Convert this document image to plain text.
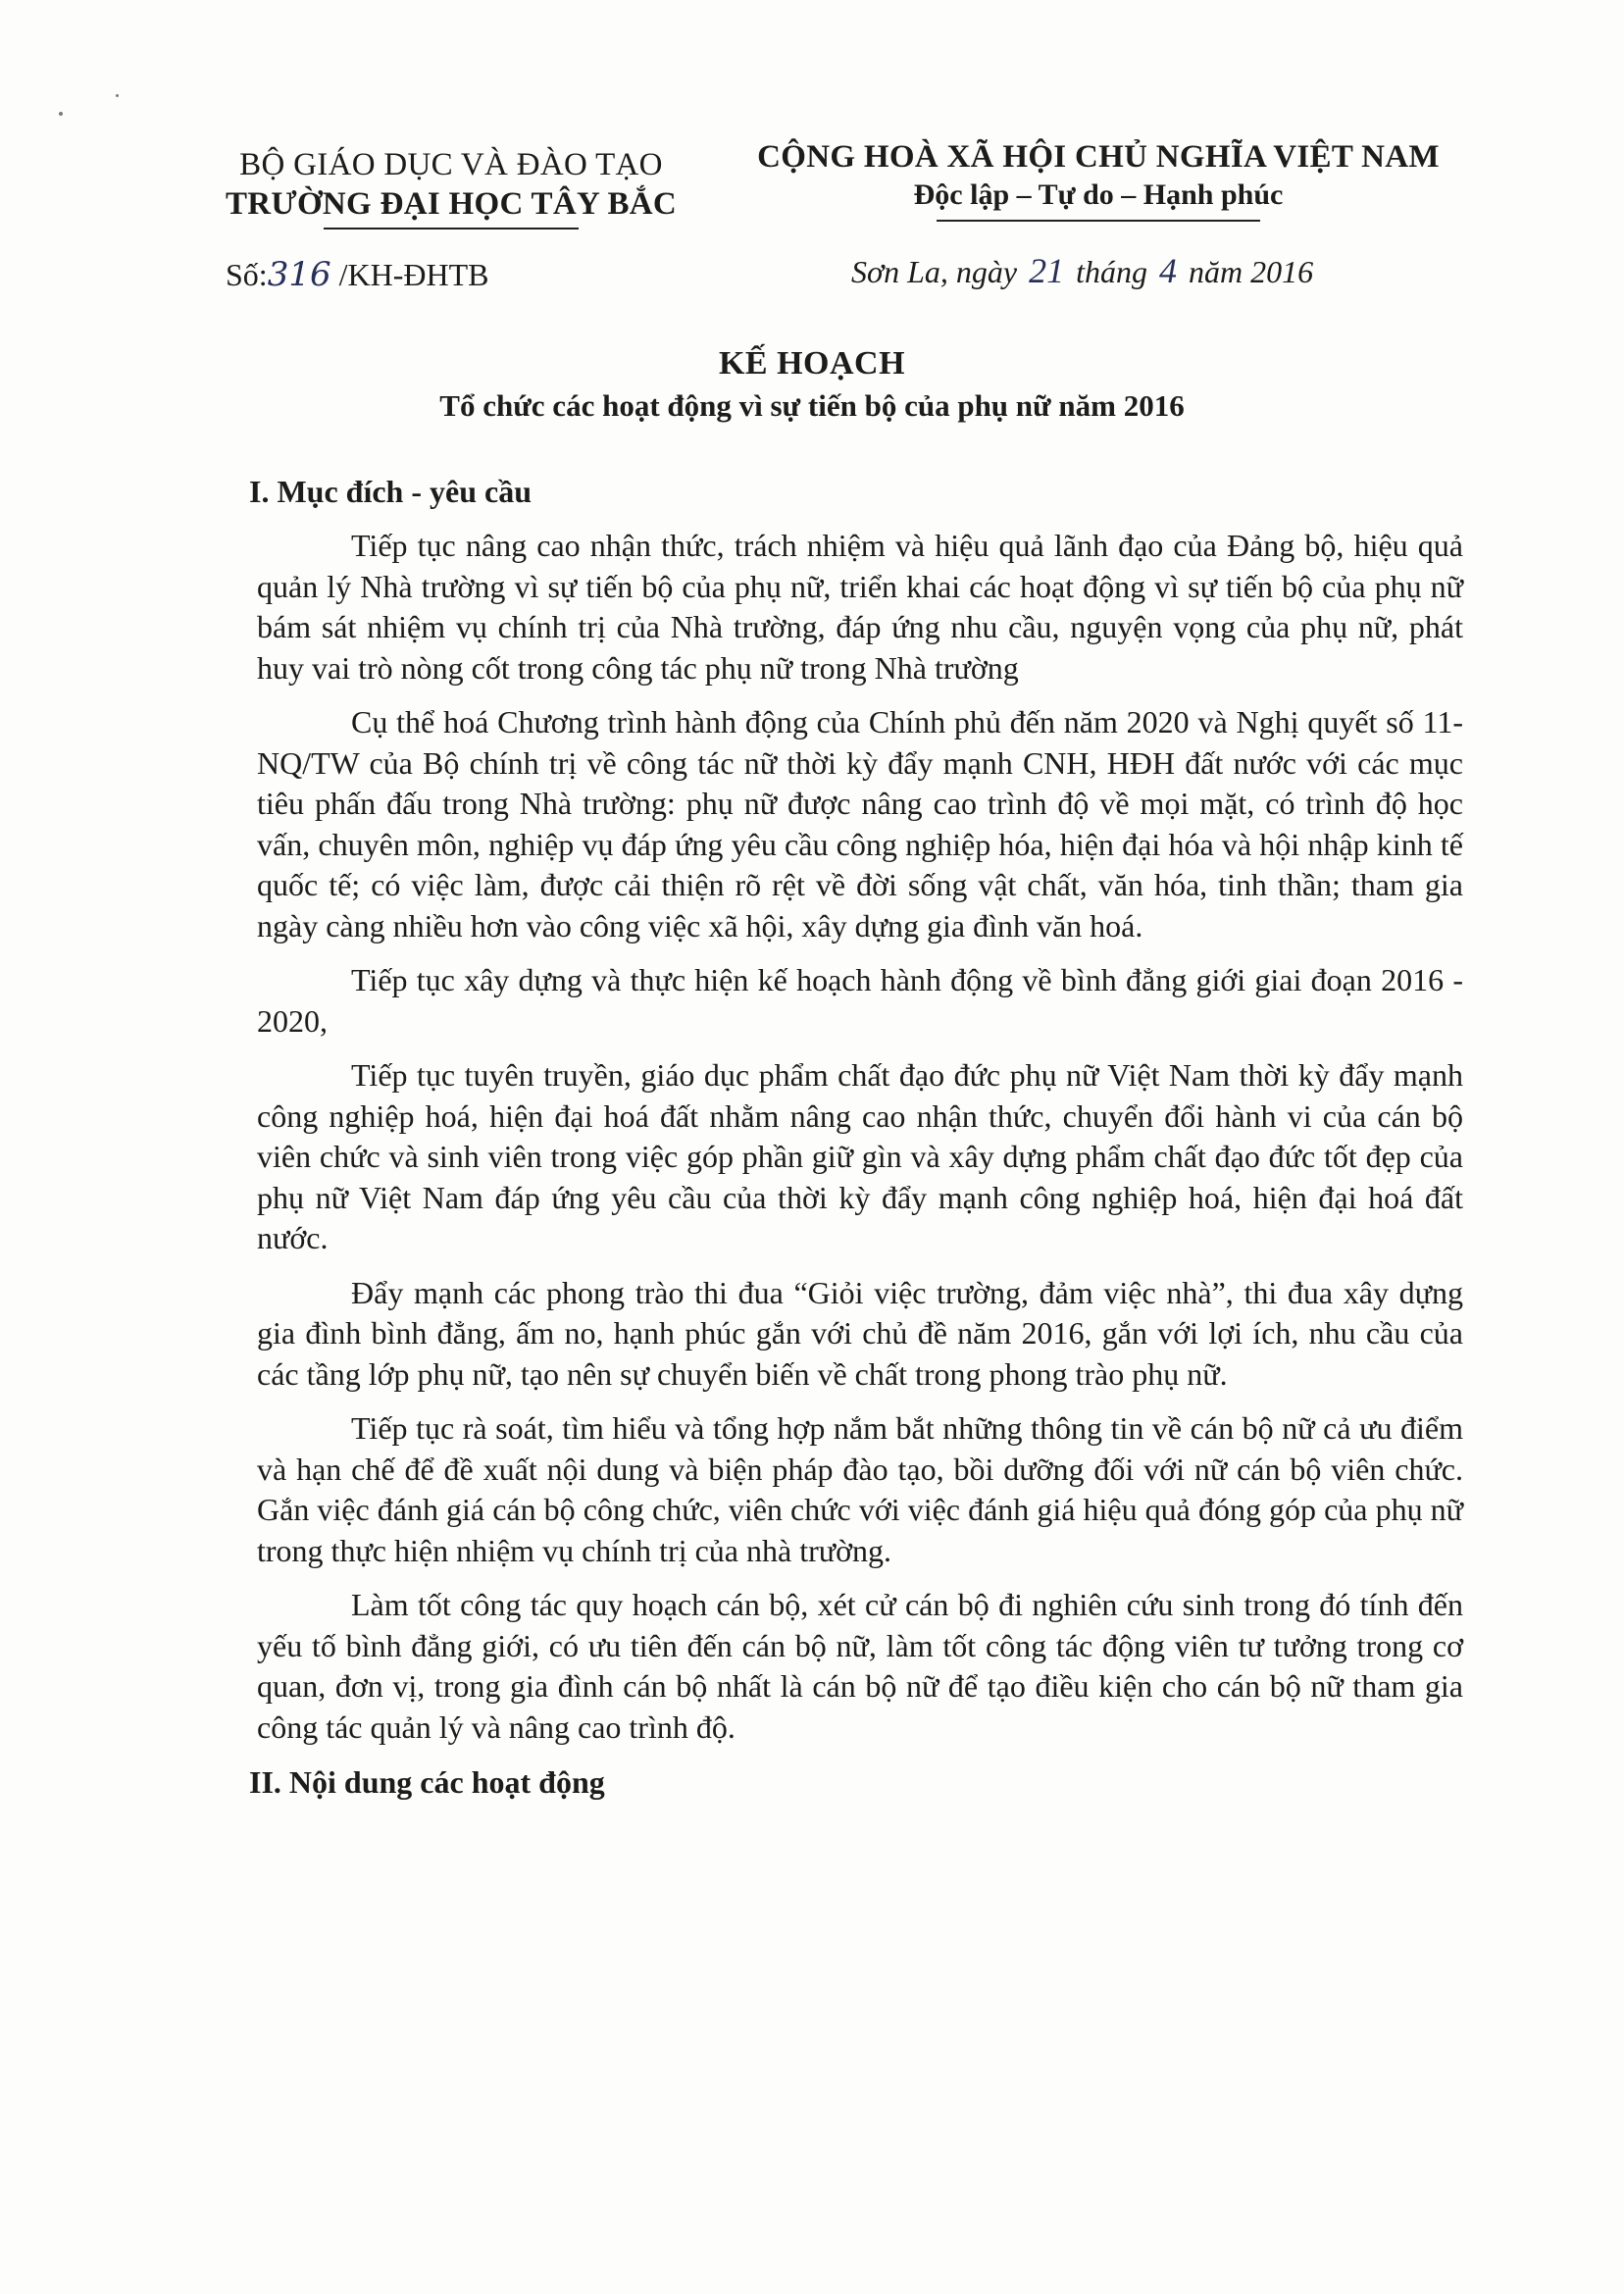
BỘ GIÁO DỤC VÀ ĐÀO TẠO
TRƯỜNG ĐẠI HỌC TÂY BẮC
CỘNG HOÀ XÃ HỘI CHỦ NGHĨA VIỆT NAM
Độc lập – Tự do – Hạnh phúc
Số:316 /KH-ĐHTB	Sơn La, ngày 21 tháng 4 năm 2016
KẾ HOẠCH
Tổ chức các hoạt động vì sự tiến bộ của phụ nữ năm 2016
I. Mục đích - yêu cầu

Tiếp tục nâng cao nhận thức, trách nhiệm và hiệu quả lãnh đạo của Đảng bộ, hiệu quả quản lý Nhà trường vì sự tiến bộ của phụ nữ, triển khai các hoạt động vì sự tiến bộ của phụ nữ bám sát nhiệm vụ chính trị của Nhà trường, đáp ứng nhu cầu, nguyện vọng của phụ nữ, phát huy vai trò nòng cốt trong công tác phụ nữ trong Nhà trường

Cụ thể hoá Chương trình hành động của Chính phủ đến năm 2020 và Nghị quyết số 11-NQ/TW của Bộ chính trị về công tác nữ thời kỳ đẩy mạnh CNH, HĐH đất nước với các mục tiêu phấn đấu trong Nhà trường: phụ nữ được nâng cao trình độ về mọi mặt, có trình độ học vấn, chuyên môn, nghiệp vụ đáp ứng yêu cầu công nghiệp hóa, hiện đại hóa và hội nhập kinh tế quốc tế; có việc làm, được cải thiện rõ rệt về đời sống vật chất, văn hóa, tinh thần; tham gia ngày càng nhiều hơn vào công việc xã hội, xây dựng gia đình văn hoá.

Tiếp tục xây dựng và thực hiện kế hoạch hành động về bình đẳng giới giai đoạn 2016 - 2020,

Tiếp tục tuyên truyền, giáo dục phẩm chất đạo đức phụ nữ Việt Nam thời kỳ đẩy mạnh công nghiệp hoá, hiện đại hoá đất nhằm nâng cao nhận thức, chuyển đổi hành vi của cán bộ viên chức và sinh viên trong việc góp phần giữ gìn và xây dựng phẩm chất đạo đức tốt đẹp của phụ nữ Việt Nam đáp ứng yêu cầu của thời kỳ đẩy mạnh công nghiệp hoá, hiện đại hoá đất nước.

Đẩy mạnh các phong trào thi đua “Giỏi việc trường, đảm việc nhà”, thi đua xây dựng gia đình bình đẳng, ấm no, hạnh phúc gắn với chủ đề năm 2016, gắn với lợi ích, nhu cầu của các tầng lớp phụ nữ, tạo nên sự chuyển biến về chất trong phong trào phụ nữ.

Tiếp tục rà soát, tìm hiểu và tổng hợp nắm bắt những thông tin về cán bộ nữ cả ưu điểm và hạn chế để đề xuất nội dung và biện pháp đào tạo, bồi dưỡng đối với nữ cán bộ viên chức. Gắn việc đánh giá cán bộ công chức, viên chức với việc đánh giá hiệu quả đóng góp của phụ nữ trong thực hiện nhiệm vụ chính trị của nhà trường.

Làm tốt công tác quy hoạch cán bộ, xét cử cán bộ đi nghiên cứu sinh trong đó tính đến yếu tố bình đẳng giới, có ưu tiên đến cán bộ nữ, làm tốt công tác động viên tư tưởng trong cơ quan, đơn vị, trong gia đình cán bộ nhất là cán bộ nữ để tạo điều kiện cho cán bộ nữ tham gia công tác quản lý và nâng cao trình độ.

II. Nội dung các hoạt động
